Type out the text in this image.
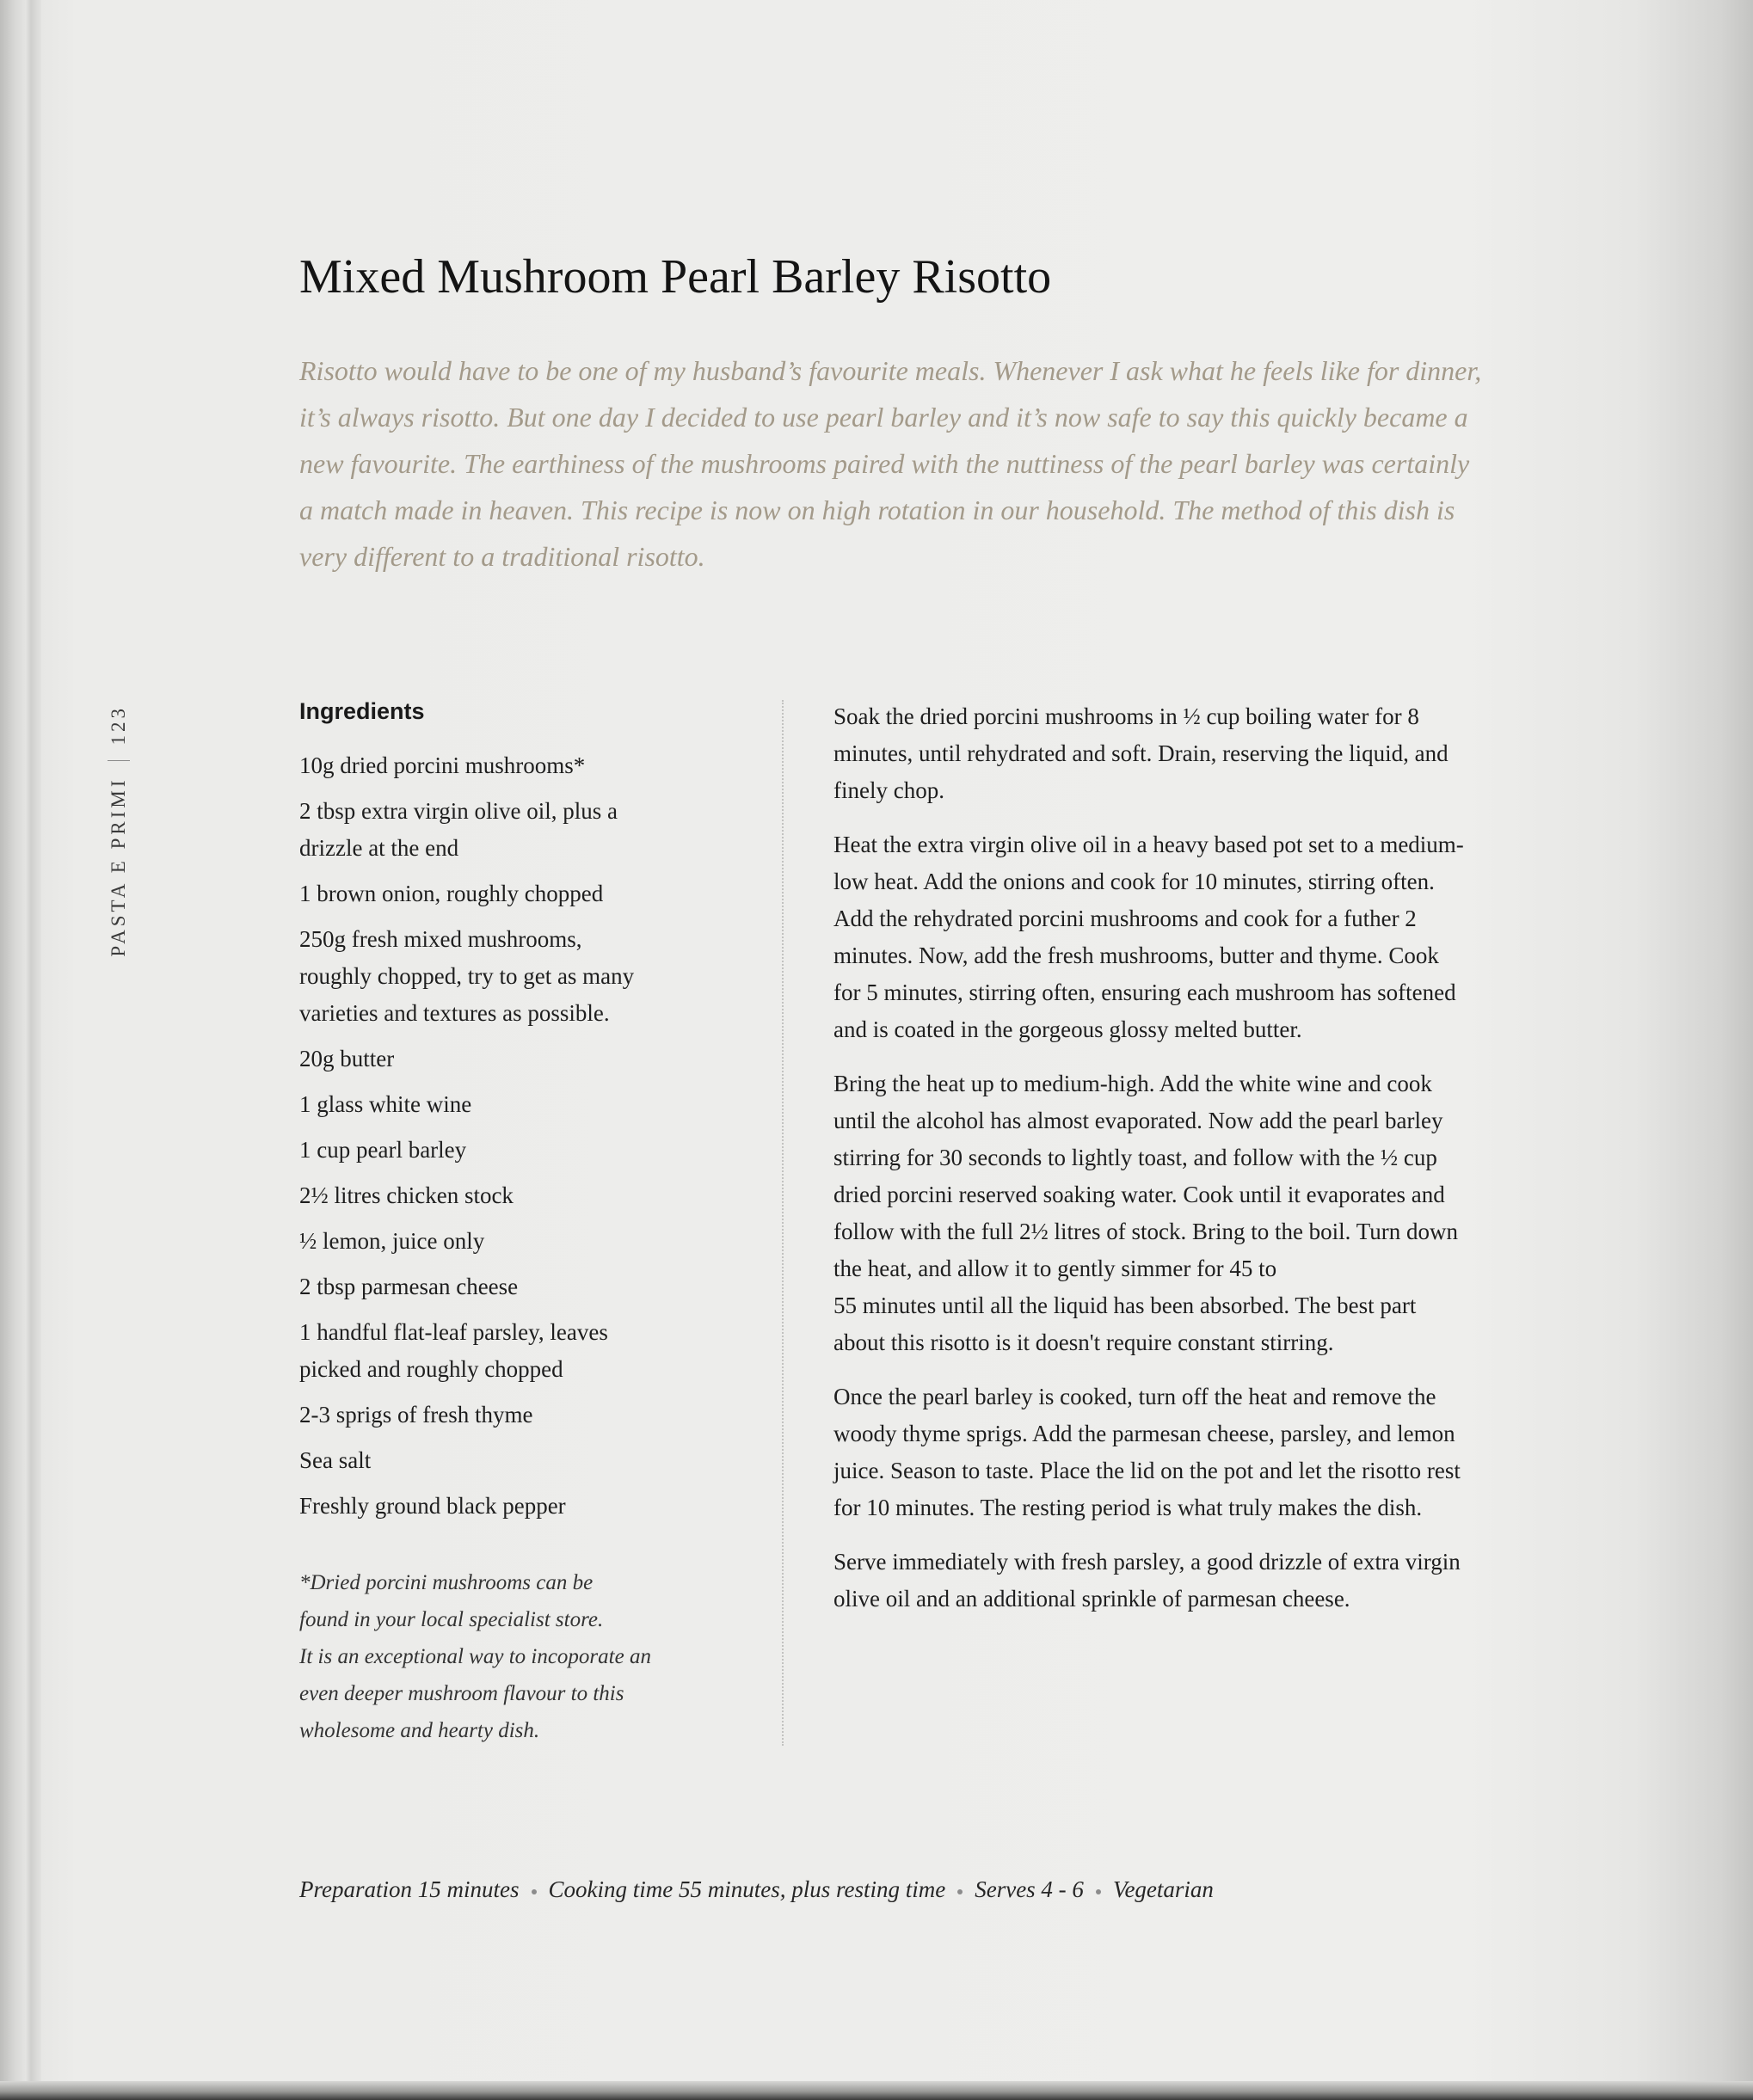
PASTA E PRIMI
123
Mixed Mushroom Pearl Barley Risotto
Risotto would have to be one of my husband’s favourite meals. Whenever I ask what he feels like for dinner,
it’s always risotto. But one day I decided to use pearl barley and it’s now safe to say this quickly became a
new favourite. The earthiness of the mushrooms paired with the nuttiness of the pearl barley was certainly
a match made in heaven. This recipe is now on high rotation in our household. The method of this dish is
very different to a traditional risotto.
Ingredients
10g dried porcini mushrooms*
2 tbsp extra virgin olive oil, plus a
drizzle at the end
1 brown onion, roughly chopped
250g fresh mixed mushrooms,
roughly chopped, try to get as many
varieties and textures as possible.
20g butter
1 glass white wine
1 cup pearl barley
2½ litres chicken stock
½ lemon, juice only
2 tbsp parmesan cheese
1 handful flat-leaf parsley, leaves
picked and roughly chopped
2-3 sprigs of fresh thyme
Sea salt
Freshly ground black pepper
*Dried porcini mushrooms can be
found in your local specialist store.
It is an exceptional way to incoporate an
even deeper mushroom flavour to this
wholesome and hearty dish.

Soak the dried porcini mushrooms in ½ cup boiling water for 8
minutes, until rehydrated and soft. Drain, reserving the liquid, and
finely chop.

Heat the extra virgin olive oil in a heavy based pot set to a medium-
low heat. Add the onions and cook for 10 minutes, stirring often.
Add the rehydrated porcini mushrooms and cook for a futher 2
minutes. Now, add the fresh mushrooms, butter and thyme. Cook
for 5 minutes, stirring often, ensuring each mushroom has softened
and is coated in the gorgeous glossy melted butter.

Bring the heat up to medium-high. Add the white wine and cook
until the alcohol has almost evaporated. Now add the pearl barley
stirring for 30 seconds to lightly toast, and follow with the ½ cup
dried porcini reserved soaking water. Cook until it evaporates and
follow with the full 2½ litres of stock. Bring to the boil. Turn down
the heat, and allow it to gently simmer for 45 to
55 minutes until all the liquid has been absorbed. The best part
about this risotto is it doesn't require constant stirring.

Once the pearl barley is cooked, turn off the heat and remove the
woody thyme sprigs. Add the parmesan cheese, parsley, and lemon
juice. Season to taste. Place the lid on the pot and let the risotto rest
for 10 minutes. The resting period is what truly makes the dish.

Serve immediately with fresh parsley, a good drizzle of extra virgin
olive oil and an additional sprinkle of parmesan cheese.

Preparation 15 minutes Cooking time 55 minutes, plus resting time Serves 4 - 6 Vegetarian
